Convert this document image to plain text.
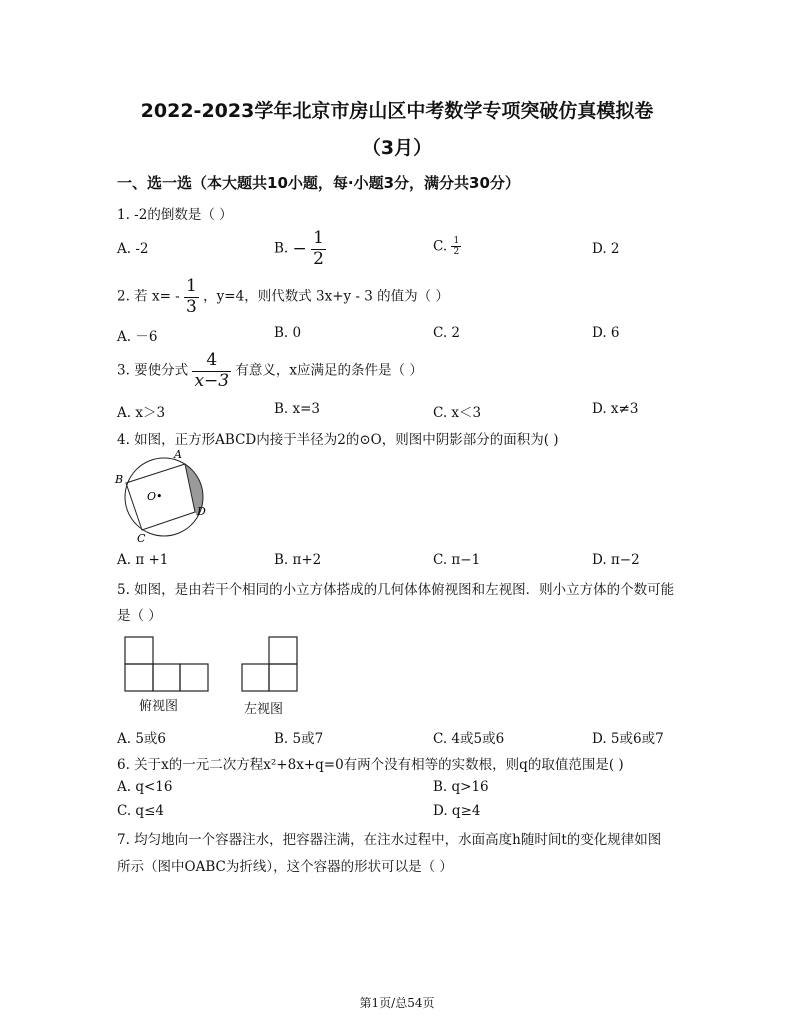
2022-2023学年北京市房山区中考数学专项突破仿真模拟卷
（3月）
一、选一选（本大题共10小题，每·小题3分，满分共30分）
1. -2的倒数是（ ）
A. -2	B. − $\frac{1}{2}$	C. $\frac{1}{2}$	D. 2
2. 若 $x= - \frac{1}{3}$ ，y=4，则代数式 3x+y - 3 的值为（ ）
A. －6	B. 0	C. 2	D. 6
3. 要使分式 $\frac{4}{x-3}$ 有意义，x应满足的条件是（ ）
A. x＞3	B. x=3	C. x＜3	D. x≠3
4. 如图，正方形ABCD内接于半径为2的⊙O，则图中阴影部分的面积为( )
A
B
C
D
O•
A. π +1	B. π+2	C. π−1	D. π−2
5. 如图，是由若干个相同的小立方体搭成的几何体体俯视图和左视图．则小立方体的个数可能
是（ ）
俯视图	左视图
A. 5或6	B. 5或7	C. 4或5或6	D. 5或6或7
6. 关于x的一元二次方程x²+8x+q=0有两个没有相等的实数根，则q的取值范围是( )
A. q<16	B. q>16
C. q≤4	D. q≥4
7. 均匀地向一个容器注水，把容器注满，在注水过程中，水面高度h随时间t的变化规律如图
所示（图中OABC为折线），这个容器的形状可以是（ ）
第1页/总54页
